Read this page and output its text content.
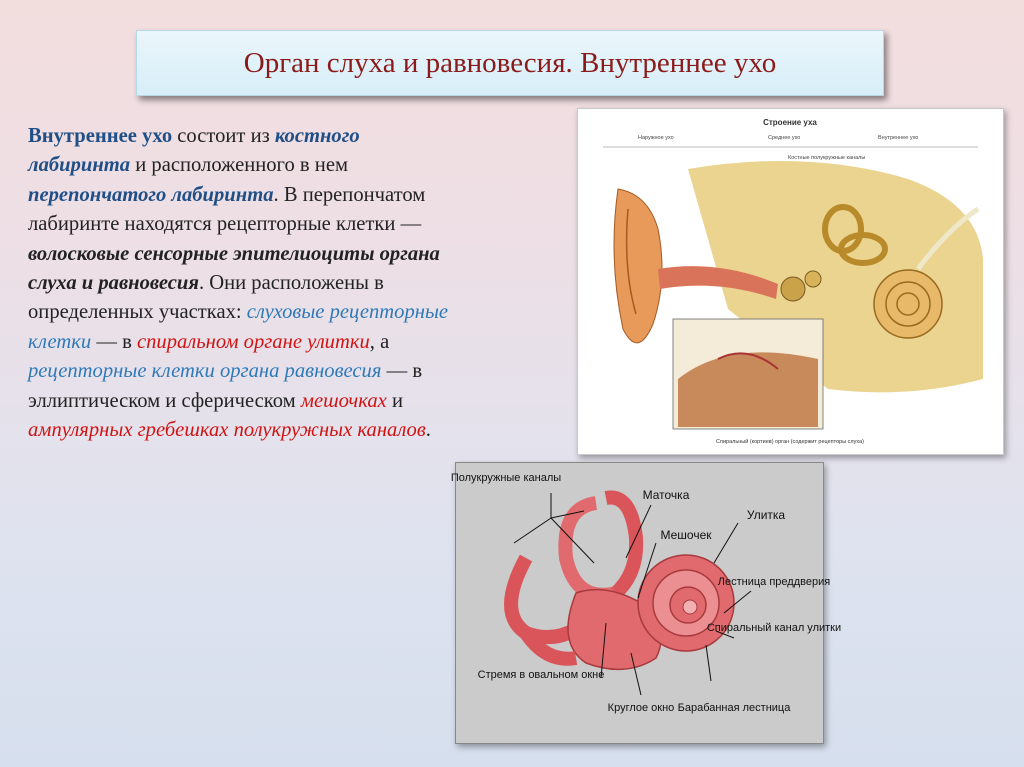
Орган слуха и равновесия. Внутреннее ухо
Внутреннее ухо состоит из костного лабиринта и расположенного в нем перепончатого лабиринта. В перепончатом лабиринте находятся рецепторные клетки — волосковые сенсорные эпителиоциты органа слуха и равновесия. Они расположены в определенных участках: слуховые рецепторные клетки — в спиральном органе улитки, а рецепторные клетки органа равновесия — в эллиптическом и сферическом мешочках и ампулярных гребешках полукружных каналов.
Строение уха
Наружное ухо	Среднее ухо	Внутреннее ухо
Костные полукружные каналы
Спиральный (кортиев) орган (содержит рецепторы слуха)
Полукружные каналы
Маточка
Мешочек
Улитка
Лестница преддверия
Спиральный канал улитки
Стремя в овальном окне
Круглое окно Барабанная лестница
